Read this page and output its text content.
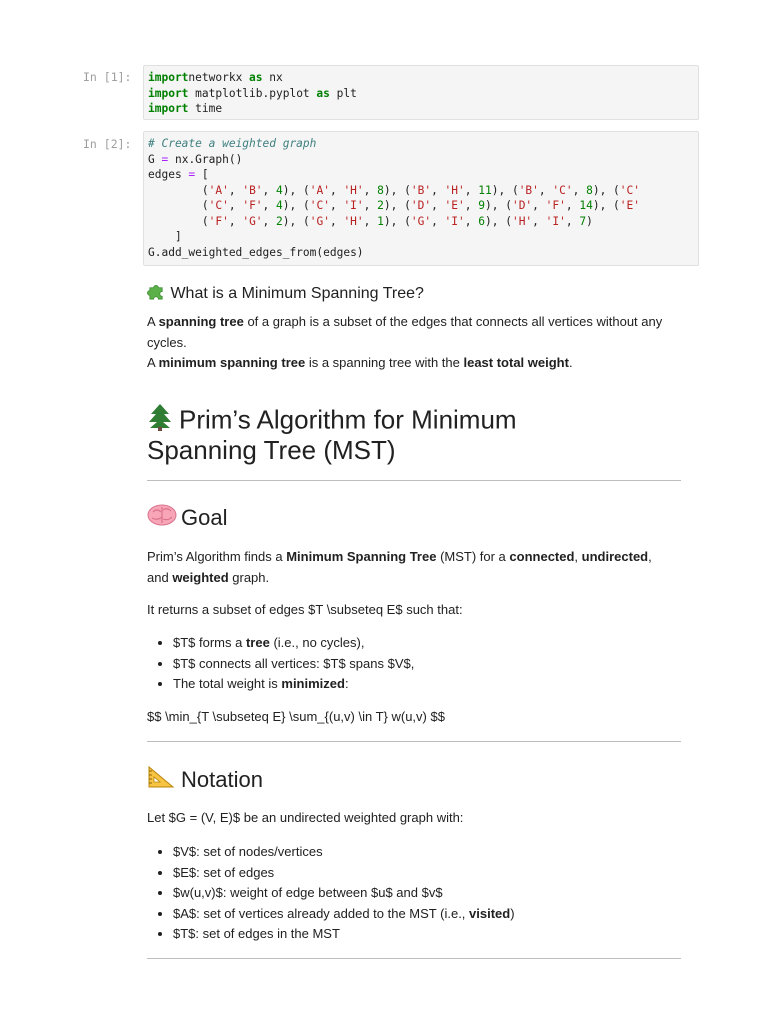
In [1]:	importnetworkx as nx
import matplotlib.pyplot as plt
import time
In [2]:	# Create a weighted graph
G = nx.Graph()
edges = [
('A', 'B', 4), ('A', 'H', 8), ('B', 'H', 11), ('B', 'C', 8), ('C'
('C', 'F', 4), ('C', 'I', 2), ('D', 'E', 9), ('D', 'F', 14), ('E'
('F', 'G', 2), ('G', 'H', 1), ('G', 'I', 6), ('H', 'I', 7)
]
G.add_weighted_edges_from(edges)
What is a Minimum Spanning Tree?
A spanning tree of a graph is a subset of the edges that connects all vertices without any cycles.
A minimum spanning tree is a spanning tree with the least total weight.
Prim’s Algorithm for Minimum
Spanning Tree (MST)
Goal
Prim’s Algorithm finds a Minimum Spanning Tree (MST) for a connected, undirected,
and weighted graph.
It returns a subset of edges $T \subseteq E$ such that:
• $T$ forms a tree (i.e., no cycles),
• $T$ connects all vertices: $T$ spans $V$,
• The total weight is minimized:
$$ \min_{T \subseteq E} \sum_{(u,v) \in T} w(u,v) $$
Notation
Let $G = (V, E)$ be an undirected weighted graph with:
• $V$: set of nodes/vertices
• $E$: set of edges
• $w(u,v)$: weight of edge between $u$ and $v$
• $A$: set of vertices already added to the MST (i.e., visited)
• $T$: set of edges in the MST
